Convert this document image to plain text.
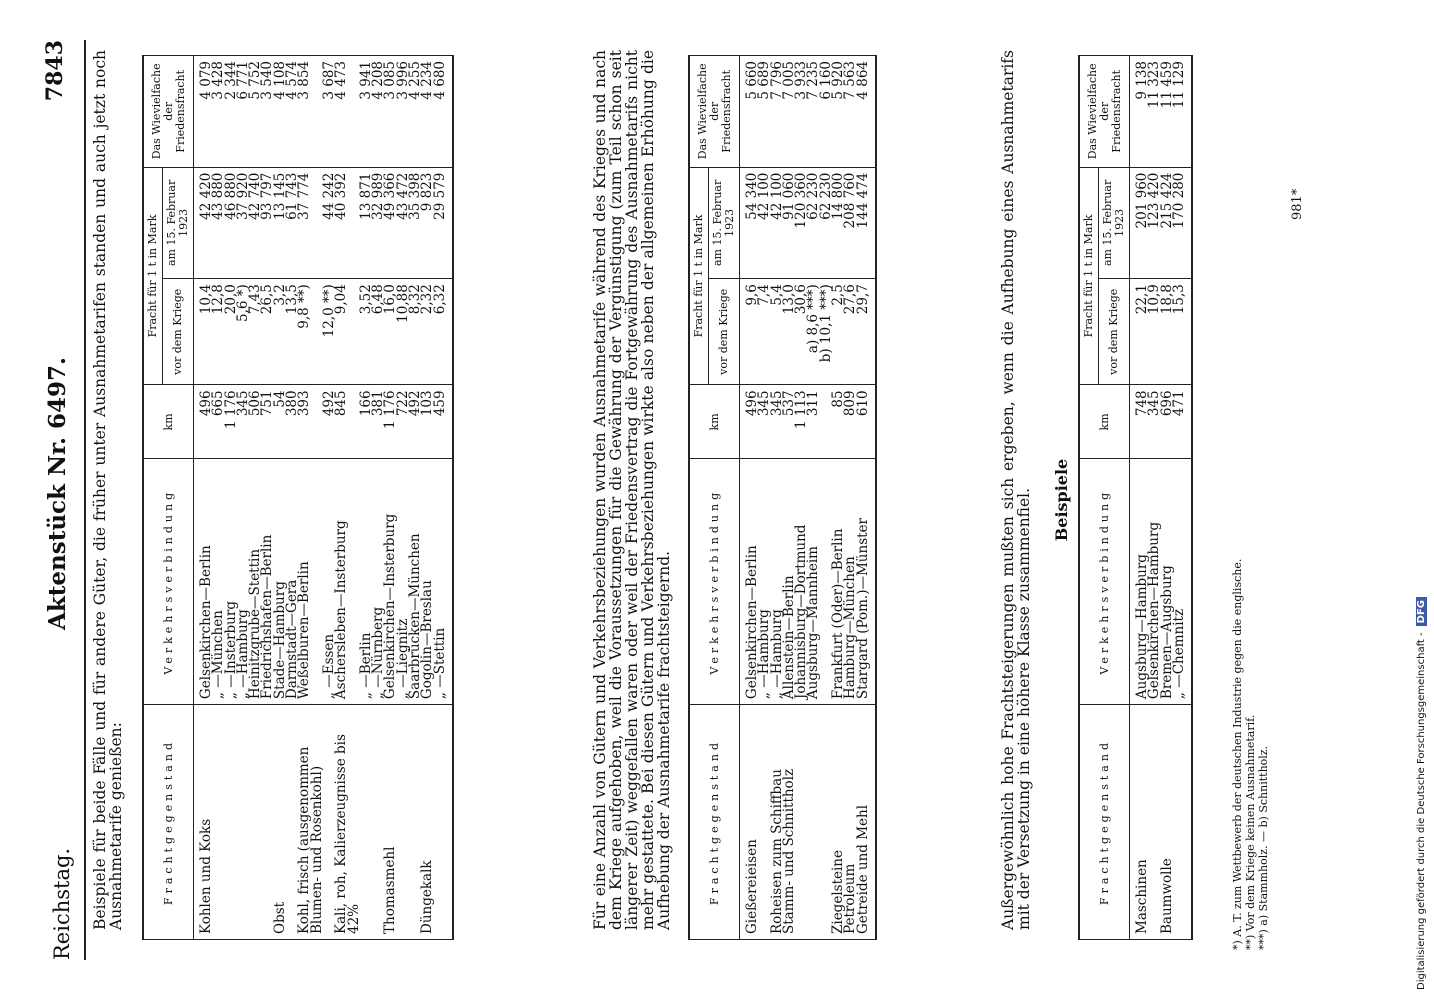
Reichstag.
Aktenstück Nr. 6497.
7843 Beispiele für beide Fälle und für andere Güter, die früher unter Ausnahmetarifen standen und auch jetzt noch Ausnahmetarife genießen:	Frachtgegenstand	Verkehrsverbindung	km	Fracht für 1 t in Mark		Das Wievielfache der Friedensfracht
			vor dem Kriege	am 15. Februar 1923	
Kohlen und Koks	Gelsenkirchen—Berlin	496	10,4	42 420	4 079
	„ —München	665	12,8	43 880	3 428
	„ —Insterburg	1 176	20,0	46 880	2 344
	„ —Hamburg	345	5,6 *)	37 920	6 771
	Heinitzgrube—Stettin	506	7,43	42 740	5 752
	Friedrichshafen—Berlin	751	26,5	93 797	3 540
Obst	Stade—Hamburg	54	3,2	13 145	4 108
	Darmstadt—Gera	380	13,5	61 743	4 574
Kohl, frisch (ausgenommen Blumen- und Rosenkohl)	Weßelburen—Berlin	393	9,8 **)	37 774	3 854
	„ —Essen	492	12,0 **)	44 242	3 687
Kali, roh, Kalierzeugnisse bis 42%	Aschersleben—Insterburg	845	9,04	40 392	4 473
	„ —Berlin	166	3,52	13 871	3 941
	„ —Nürnberg	381	6,48	32 989	4 208
Thomasmehl	Gelsenkirchen—Insterburg	1 176	16,0	49 366	3 085
	„ —Liegnitz	722	10,88	43 472	3 996
	Saarbrücken—München	492	8,32	35 398	4 255
Düngekalk	Gogolin—Breslau	103	2,32	9 823	4 234
	„ —Stettin	459	6,32	29 579	4 680	Für eine Anzahl von Gütern und Verkehrsbeziehungen wurden Ausnahmetarife während des Krieges und nach dem Kriege aufgehoben, weil die Voraussetzungen für die Gewährung der Vergünstigung (zum Teil schon seit längerer Zeit) weggefallen waren oder weil der Friedensvertrag die Fortgewährung des Ausnahmetarifs nicht mehr gestattete. Bei diesen Gütern und Verkehrsbeziehungen wirkte also neben der allgemeinen Erhöhung die Aufhebung der Ausnahmetarife frachtsteigernd.	Frachtgegenstand	Verkehrsverbindung	km	Fracht für 1 t in Mark		Das Wievielfache der Friedensfracht
			vor dem Kriege	am 15. Februar 1923	
Gießereieisen	Gelsenkirchen—Berlin	496	9,6	54 340	5 660
	„ —Hamburg	345	7,4	42 100	5 689
Roheisen zum Schiffbau	„ —Hamburg	345	5,4	42 100	7 796
Stamm- und Schnittholz	Allenstein—Berlin	537	13,0	91 060	7 005
	Johannisburg—Dortmund	1 113	30,6	120 360	3 933
	Augsburg—Mannheim	311	a) 8,6 ***)	62 230	7 235
			b) 10,1 ***)	62 230	6 160
Ziegelsteine	Frankfurt (Oder)—Berlin	85	2,5	14 800	5 920
Petroleum	Hamburg—München	809	27,6	208 760	7 563
Getreide und Mehl	Stargard (Pom.)—Münster	610	29,7	144 474	4 864	Außergewöhnlich hohe Frachtsteigerungen mußten sich ergeben, wenn die Aufhebung eines Ausnahmetarifs mit der Versetzung in eine höhere Klasse zusammenfiel. Beispiele
Frachtgegenstand	Verkehrsverbindung	km	Fracht für 1 t in Mark		Das Wievielfache der Friedensfracht
			vor dem Kriege	am 15. Februar 1923	
Maschinen	Augsburg—Hamburg	748	22,1	201 960	9 138
	Gelsenkirchen—Hamburg	345	10,9	123 420	11 323
Baumwolle	Bremen—Augsburg	696	18,8	215 424	11 459
	„ —Chemnitz	471	15,3	170 280	11 129
*) A. T. zum Wettbewerb der deutschen Industrie gegen die englische. **) Vor dem Kriege keinen Ausnahmetarif. ***) a) Stammholz. — b) Schnittholz.
981*
Digitalisierung gefördert durch die Deutsche Forschungsgemeinschaft -DFG
